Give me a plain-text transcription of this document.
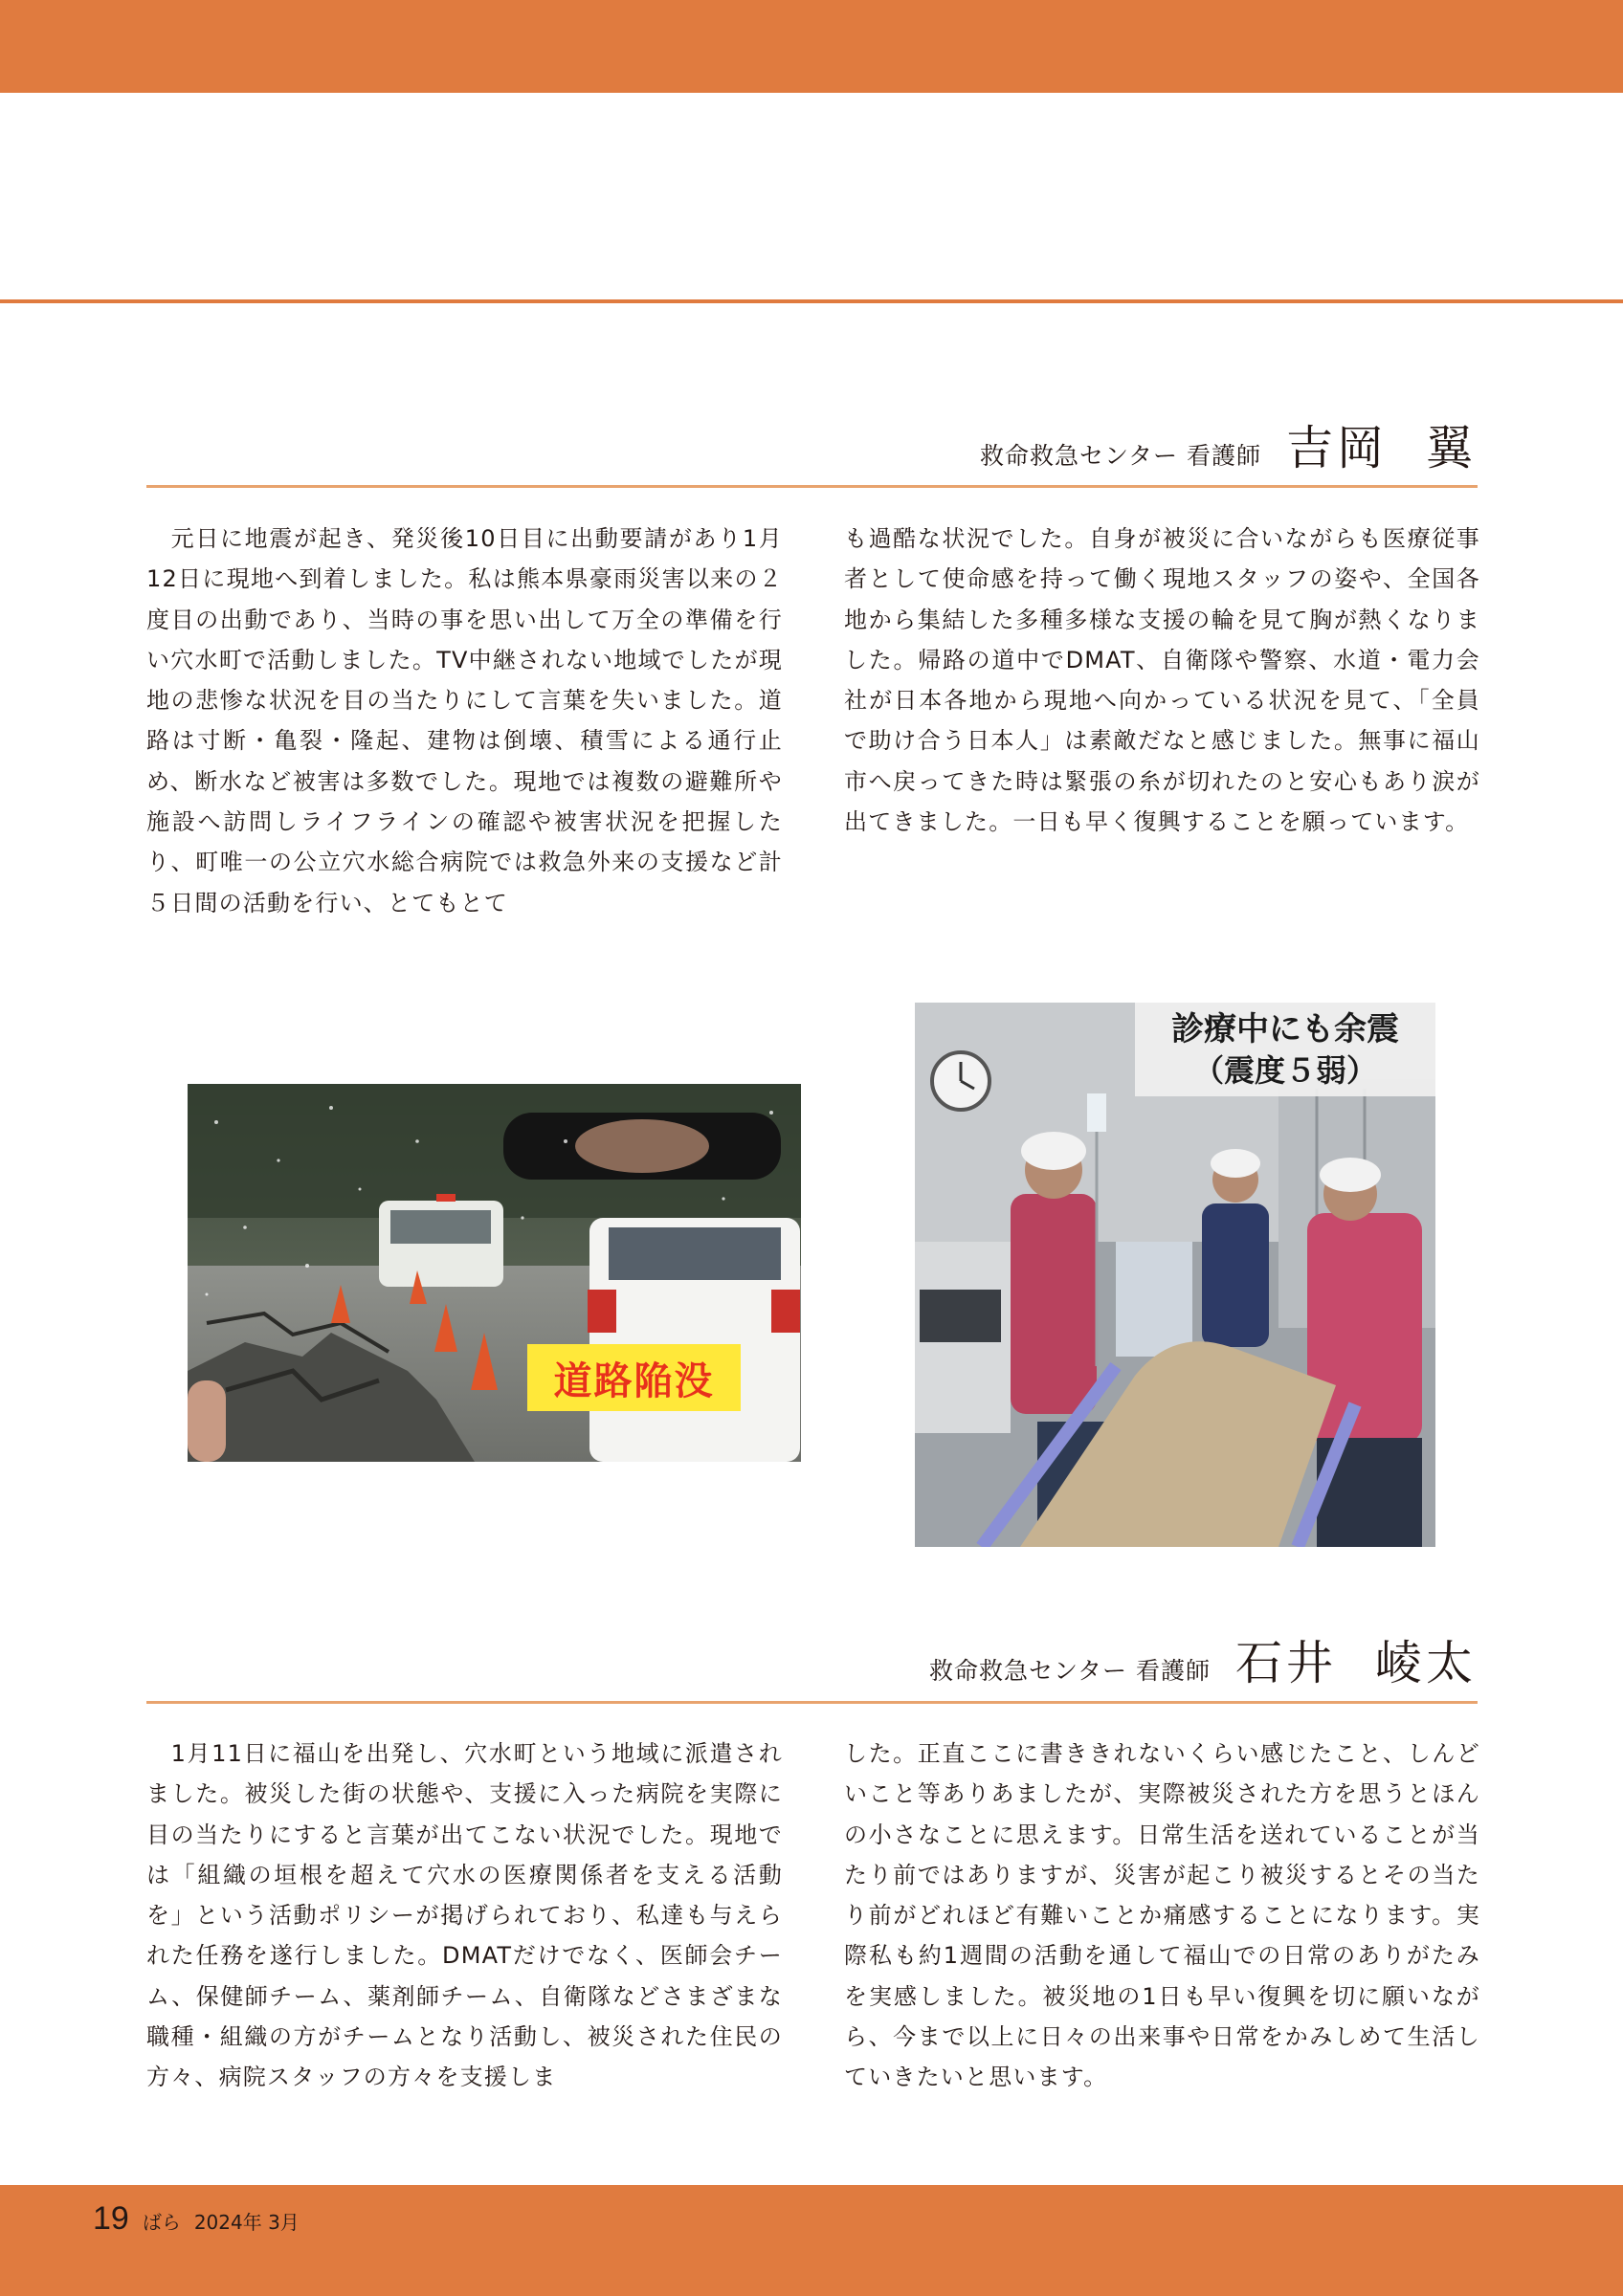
救命救急センター 看護師 吉岡 翼
　元日に地震が起き、発災後10日目に出動要請があり1月12日に現地へ到着しました。私は熊本県豪雨災害以来の２度目の出動であり、当時の事を思い出して万全の準備を行い穴水町で活動しました。TV中継されない地域でしたが現地の悲惨な状況を目の当たりにして言葉を失いました。道路は寸断・亀裂・隆起、建物は倒壊、積雪による通行止め、断水など被害は多数でした。現地では複数の避難所や施設へ訪問しライフラインの確認や被害状況を把握したり、町唯一の公立穴水総合病院では救急外来の支援など計５日間の活動を行い、とてもとて
も過酷な状況でした。自身が被災に合いながらも医療従事者として使命感を持って働く現地スタッフの姿や、全国各地から集結した多種多様な支援の輪を見て胸が熱くなりました。帰路の道中でDMAT、自衛隊や警察、水道・電力会社が日本各地から現地へ向かっている状況を見て、「全員で助け合う日本人」は素敵だなと感じました。無事に福山市へ戻ってきた時は緊張の糸が切れたのと安心もあり涙が出てきました。一日も早く復興することを願っています。
道路陥没
診療中にも余震
（震度５弱）
救命救急センター 看護師 石井 崚太
　1月11日に福山を出発し、穴水町という地域に派遣されました。被災した街の状態や、支援に入った病院を実際に目の当たりにすると言葉が出てこない状況でした。現地では「組織の垣根を超えて穴水の医療関係者を支える活動を」という活動ポリシーが掲げられており、私達も与えられた任務を遂行しました。DMATだけでなく、医師会チーム、保健師チーム、薬剤師チーム、自衛隊などさまざまな職種・組織の方がチームとなり活動し、被災された住民の方々、病院スタッフの方々を支援しま
した。正直ここに書ききれないくらい感じたこと、しんどいこと等ありあましたが、実際被災された方を思うとほんの小さなことに思えます。日常生活を送れていることが当たり前ではありますが、災害が起こり被災するとその当たり前がどれほど有難いことか痛感することになります。実際私も約1週間の活動を通して福山での日常のありがたみを実感しました。被災地の1日も早い復興を切に願いながら、今まで以上に日々の出来事や日常をかみしめて生活していきたいと思います。
19 ばら 2024年 3月
